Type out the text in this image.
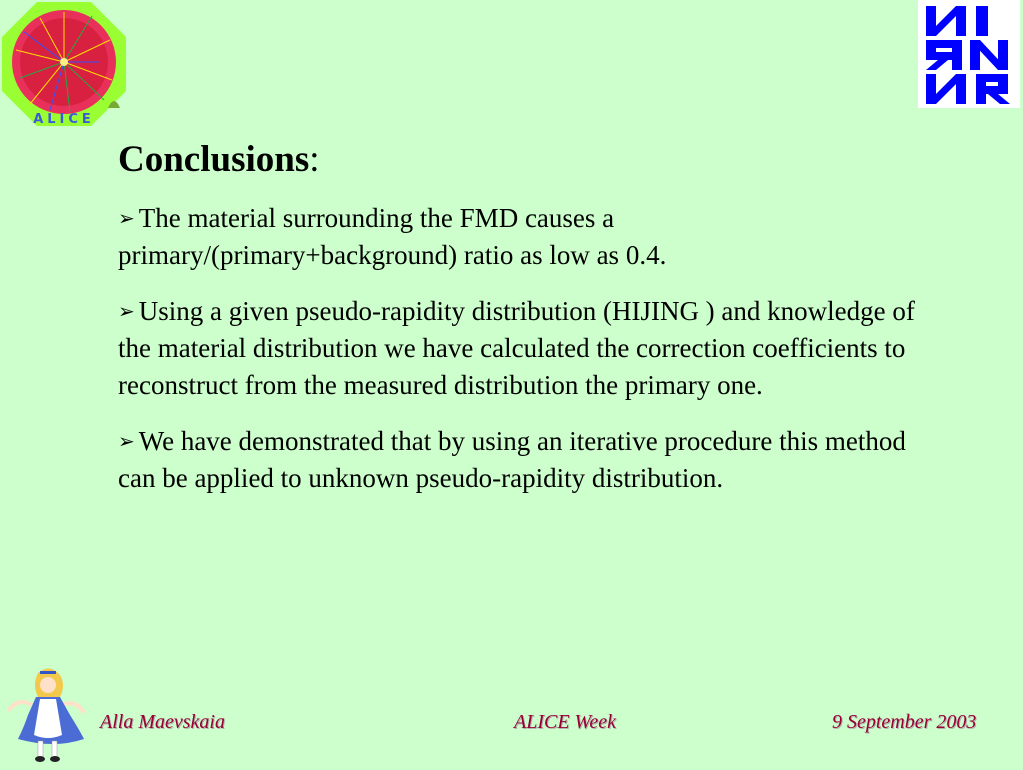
ALICE
Conclusions:
➢ The material surrounding the FMD causes a primary/(primary+background) ratio as low as 0.4.
➢ Using a given pseudo-rapidity distribution (HIJING ) and knowledge of the material distribution we have calculated the correction coefficients to reconstruct from the measured distribution the primary one.
➢ We have demonstrated that by using an iterative procedure this method can be applied to unknown pseudo-rapidity distribution.
Alla Maevskaia	ALICE Week	9 September 2003
